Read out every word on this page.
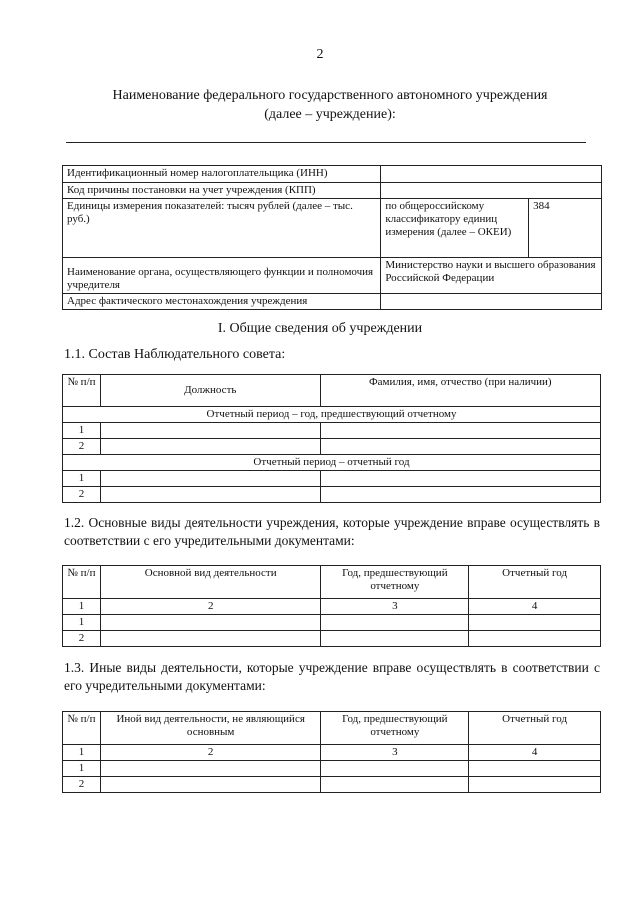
2
Наименование федерального государственного автономного учреждения
(далее – учреждение):
Идентификационный номер налогоплательщика (ИНН)		
Код причины постановки на учет учреждения (КПП)		
Единицы измерения показателей: тысяч рублей (далее – тыс. руб.)	по общероссийскому классификатору единиц измерения (далее – ОКЕИ)	384
Наименование органа, осуществляющего функции и полномочия учредителя	Министерство науки и высшего образования Российской Федерации	
Адрес фактического местонахождения учреждения		
I. Общие сведения об учреждении
1.1. Состав Наблюдательного совета:
№ п/п	Должность	Фамилия, имя, отчество (при наличии)
Отчетный период – год, предшествующий отчетному		
1		
2		
Отчетный период – отчетный год		
1		
2		
1.2. Основные виды деятельности учреждения, которые учреждение вправе осуществлять в соответствии с его учредительными документами:
№ п/п	Основной вид деятельности	Год, предшествующий отчетному	Отчетный год
1	2	3	4
1			
2			
1.3. Иные виды деятельности, которые учреждение вправе осуществлять в соответствии с его учредительными документами:
№ п/п	Иной вид деятельности, не являющийся основным	Год, предшествующий отчетному	Отчетный год
1	2	3	4
1			
2			
